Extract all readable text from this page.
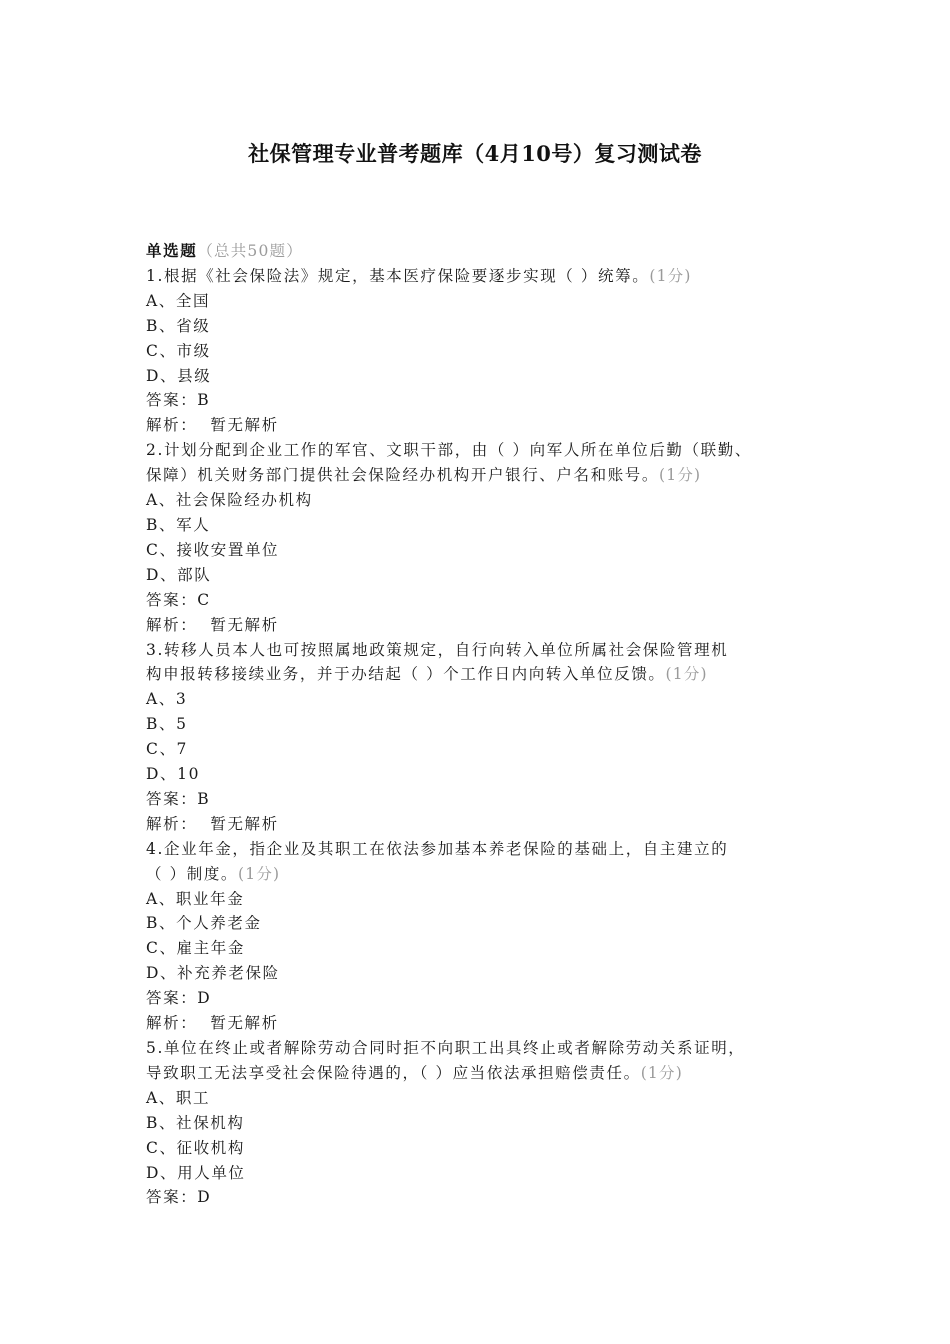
社保管理专业普考题库（4月10号）复习测试卷
单选题（总共50题）
1.根据《社会保险法》规定，基本医疗保险要逐步实现（ ）统筹。(1分)
A、全国
B、省级
C、市级
D、县级
答案：B
解析：  暂无解析
2.计划分配到企业工作的军官、文职干部，由（ ）向军人所在单位后勤（联勤、
保障）机关财务部门提供社会保险经办机构开户银行、户名和账号。(1分)
A、社会保险经办机构
B、军人
C、接收安置单位
D、部队
答案：C
解析：  暂无解析
3.转移人员本人也可按照属地政策规定，自行向转入单位所属社会保险管理机
构申报转移接续业务，并于办结起（ ）个工作日内向转入单位反馈。(1分)
A、3
B、5
C、7
D、10
答案：B
解析：  暂无解析
4.企业年金，指企业及其职工在依法参加基本养老保险的基础上，自主建立的
（ ）制度。(1分)
A、职业年金
B、个人养老金
C、雇主年金
D、补充养老保险
答案：D
解析：  暂无解析
5.单位在终止或者解除劳动合同时拒不向职工出具终止或者解除劳动关系证明，
导致职工无法享受社会保险待遇的，（ ）应当依法承担赔偿责任。(1分)
A、职工
B、社保机构
C、征收机构
D、用人单位
答案：D
